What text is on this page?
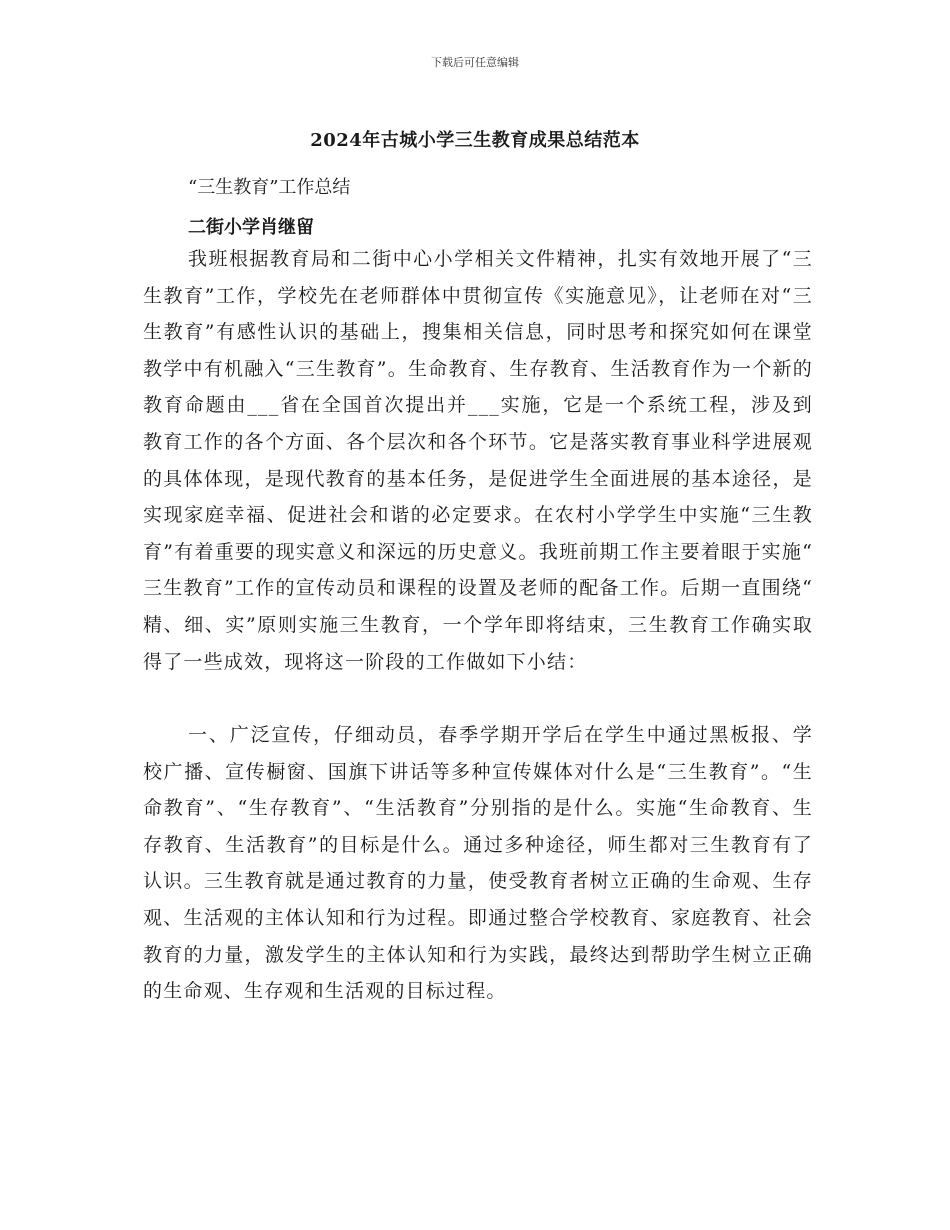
下载后可任意编辑
2024年古城小学三生教育成果总结范本

“三生教育”工作总结

二街小学肖继留

我班根据教育局和二街中心小学相关文件精神，扎实有效地开展了“三生教育”工作，学校先在老师群体中贯彻宣传《实施意见》，让老师在对“三生教育”有感性认识的基础上，搜集相关信息，同时思考和探究如何在课堂教学中有机融入“三生教育”。生命教育、生存教育、生活教育作为一个新的教育命题由___省在全国首次提出并___实施，它是一个系统工程，涉及到教育工作的各个方面、各个层次和各个环节。它是落实教育事业科学进展观的具体体现，是现代教育的基本任务，是促进学生全面进展的基本途径，是实现家庭幸福、促进社会和谐的必定要求。在农村小学学生中实施“三生教育”有着重要的现实意义和深远的历史意义。我班前期工作主要着眼于实施“三生教育”工作的宣传动员和课程的设置及老师的配备工作。后期一直围绕“精、细、实”原则实施三生教育，一个学年即将结束，三生教育工作确实取得了一些成效，现将这一阶段的工作做如下小结：

一、广泛宣传，仔细动员，春季学期开学后在学生中通过黑板报、学校广播、宣传橱窗、国旗下讲话等多种宣传媒体对什么是“三生教育”。“生命教育”、“生存教育”、“生活教育”分别指的是什么。实施“生命教育、生存教育、生活教育”的目标是什么。通过多种途径，师生都对三生教育有了认识。三生教育就是通过教育的力量，使受教育者树立正确的生命观、生存观、生活观的主体认知和行为过程。即通过整合学校教育、家庭教育、社会教育的力量，激发学生的主体认知和行为实践，最终达到帮助学生树立正确的生命观、生存观和生活观的目标过程。
